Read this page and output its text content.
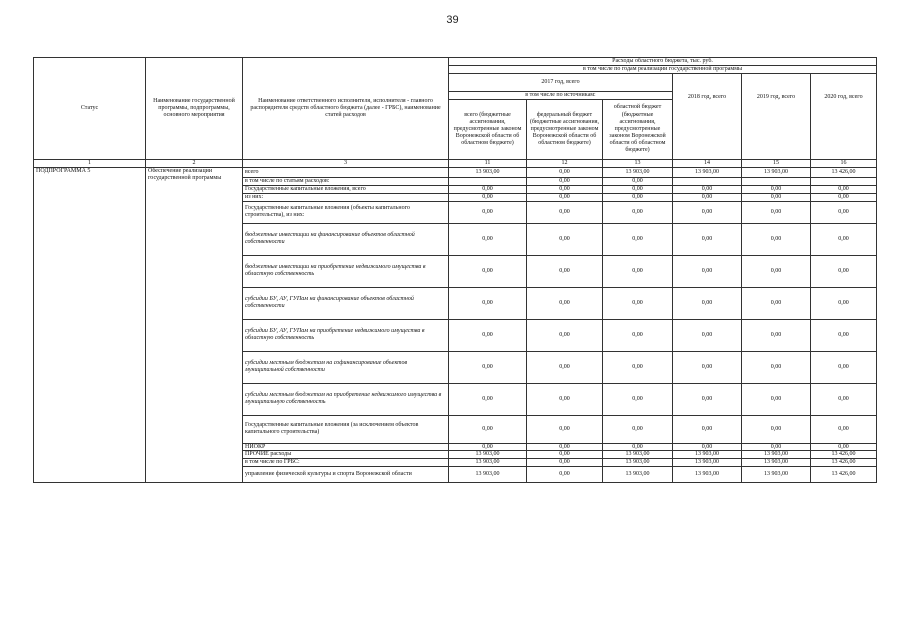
39
Статус	Наименование государственной программы, подпрограммы, основного мероприятия	Наименование ответственного исполнителя, исполнителя - главного распорядителя средств областного бюджета (далее - ГРБС), наименование статей расходов	Расходы областного бюджета, тыс. руб.					
			в том числе по годам реализации государственной программы					
			2017 год, всего			2018 год, всего	2019 год, всего	2020 год, всего
			в том числе по источникам:					
			всего (бюджетные ассигнования, предусмотренные законом Воронежской области об областном бюджете)	федеральный бюджет (бюджетные ассигнования, предусмотренные законом Воронежской области об областном бюджете)	областной бюджет (бюджетные ассигнования, предусмотренные законом Воронежской области об областном бюджете)			
1	2	3	11	12	13	14	15	16
ПОДПРОГРАММА 5	Обеспечение реализации государственной программы	всего	13 903,00	0,00	13 903,00	13 903,00	13 903,00	13 426,00
		в том числе по статьям расходов:		0,00	0,00			
		Государственные капитальные вложения, всего	0,00	0,00	0,00	0,00	0,00	0,00
		из них:	0,00	0,00	0,00	0,00	0,00	0,00
		Государственные капитальные вложения (объекты капитального строительства), из них:	0,00	0,00	0,00	0,00	0,00	0,00
		бюджетные инвестиции на финансирование объектов областной собственности	0,00	0,00	0,00	0,00	0,00	0,00
		бюджетные инвестиции на приобретение недвижимого имущества в областную собственность	0,00	0,00	0,00	0,00	0,00	0,00
		субсидии БУ, АУ, ГУПам на финансирование объектов областной собственности	0,00	0,00	0,00	0,00	0,00	0,00
		субсидии БУ, АУ, ГУПам на приобретение недвижимого имущества в областную собственность	0,00	0,00	0,00	0,00	0,00	0,00
		субсидии местным бюджетам на софинансирование объектов муниципальной собственности	0,00	0,00	0,00	0,00	0,00	0,00
		субсидии местным бюджетам на приобретение недвижимого имущества в муниципальную собственность	0,00	0,00	0,00	0,00	0,00	0,00
		Государственные капитальные вложения (за исключением объектов капитального строительства)	0,00	0,00	0,00	0,00	0,00	0,00
		НИОКР	0,00	0,00	0,00	0,00	0,00	0,00
		ПРОЧИЕ расходы	13 903,00	0,00	13 903,00	13 903,00	13 903,00	13 426,00
		в том числе по ГРБС:	13 903,00	0,00	13 903,00	13 903,00	13 903,00	13 426,00
		управление физической культуры и спорта Воронежской области	13 903,00	0,00	13 903,00	13 903,00	13 903,00	13 426,00
